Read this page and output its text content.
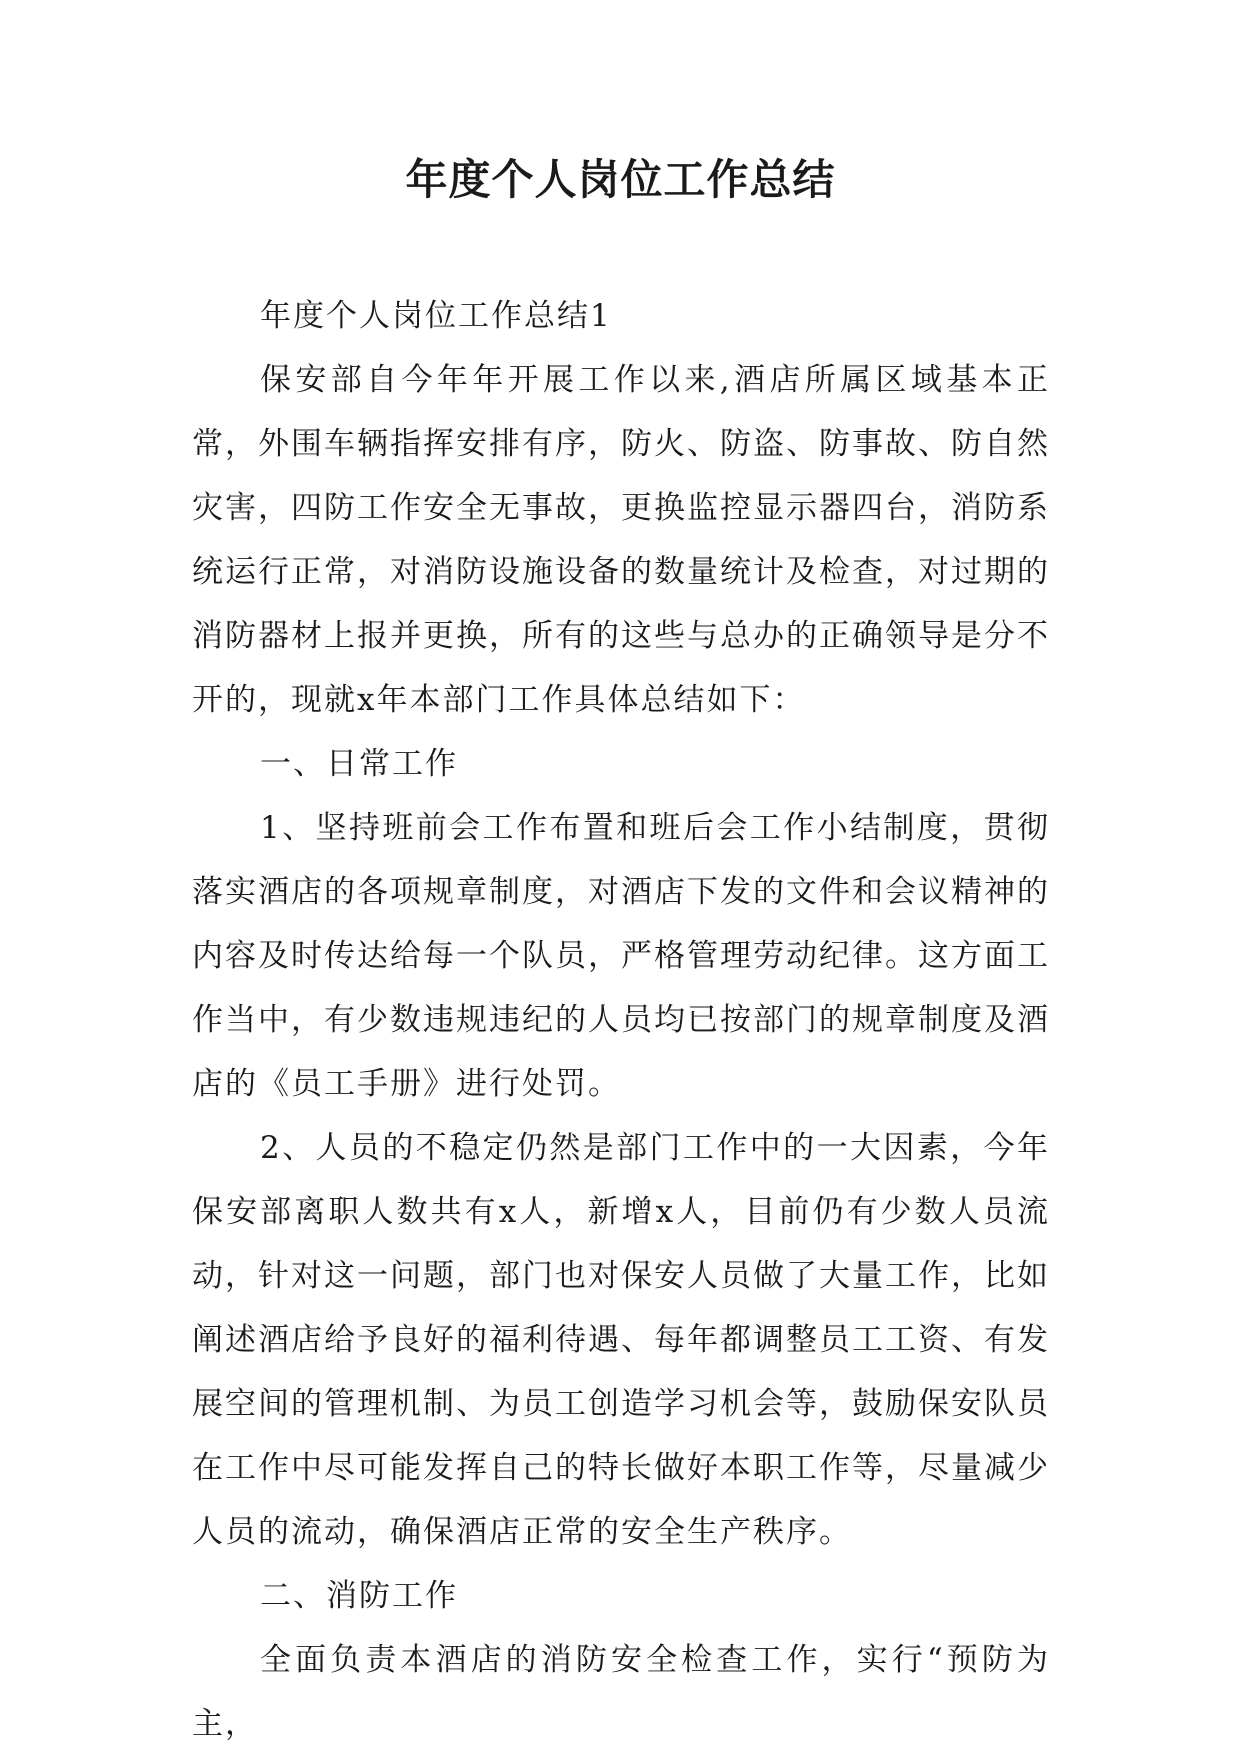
年度个人岗位工作总结

年度个人岗位工作总结1

保安部自今年年开展工作以来,酒店所属区域基本正常，外围车辆指挥安排有序，防火、防盗、防事故、防自然灾害，四防工作安全无事故，更换监控显示器四台，消防系统运行正常，对消防设施设备的数量统计及检查，对过期的消防器材上报并更换，所有的这些与总办的正确领导是分不开的，现就x年本部门工作具体总结如下：

一、日常工作

1、坚持班前会工作布置和班后会工作小结制度，贯彻落实酒店的各项规章制度，对酒店下发的文件和会议精神的内容及时传达给每一个队员，严格管理劳动纪律。这方面工作当中，有少数违规违纪的人员均已按部门的规章制度及酒店的《员工手册》进行处罚。

2、人员的不稳定仍然是部门工作中的一大因素，今年保安部离职人数共有x人，新增x人，目前仍有少数人员流动，针对这一问题，部门也对保安人员做了大量工作，比如阐述酒店给予良好的福利待遇、每年都调整员工工资、有发展空间的管理机制、为员工创造学习机会等，鼓励保安队员在工作中尽可能发挥自己的特长做好本职工作等，尽量减少人员的流动，确保酒店正常的安全生产秩序。

二、消防工作

全面负责本酒店的消防安全检查工作，实行“预防为主，
